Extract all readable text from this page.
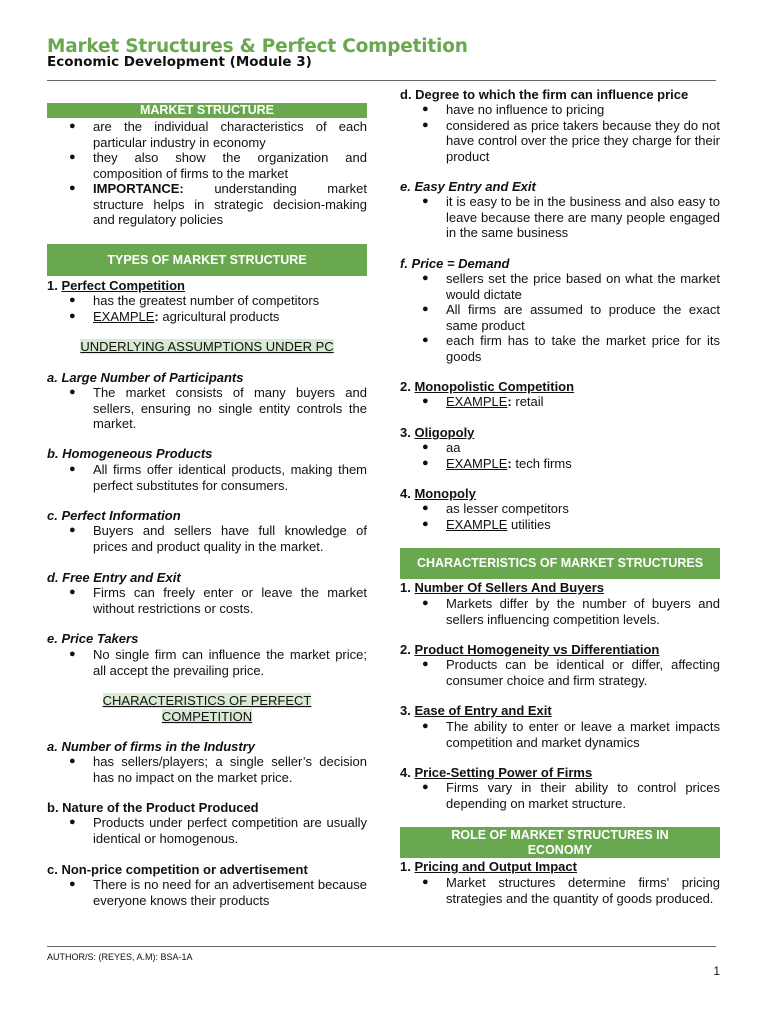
Market Structures & Perfect Competition
Economic Development (Module 3)
MARKET STRUCTURE
● are the individual characteristics of each particular industry in economy
● they also show the organization and composition of firms to the market
● IMPORTANCE: understanding market structure helps in strategic decision-making and regulatory policies
TYPES OF MARKET STRUCTURE
1. Perfect Competition
● has the greatest number of competitors
● EXAMPLE: agricultural products
UNDERLYING ASSUMPTIONS UNDER PC
a. Large Number of Participants
● The market consists of many buyers and sellers, ensuring no single entity controls the market.
b. Homogeneous Products
● All firms offer identical products, making them perfect substitutes for consumers.
c. Perfect Information
● Buyers and sellers have full knowledge of prices and product quality in the market.
d. Free Entry and Exit
● Firms can freely enter or leave the market without restrictions or costs.
e. Price Takers
● No single firm can influence the market price; all accept the prevailing price.
CHARACTERISTICS OF PERFECT COMPETITION
a. Number of firms in the Industry
● has sellers/players; a single seller’s decision has no impact on the market price.
b. Nature of the Product Produced
● Products under perfect competition are usually identical or homogenous.
c. Non-price competition or advertisement
● There is no need for an advertisement because everyone knows their products
d. Degree to which the firm can influence price
● have no influence to pricing
● considered as price takers because they do not have control over the price they charge for their product
e. Easy Entry and Exit
● it is easy to be in the business and also easy to leave because there are many people engaged in the same business
f. Price = Demand
● sellers set the price based on what the market would dictate
● All firms are assumed to produce the exact same product
● each firm has to take the market price for its goods
2. Monopolistic Competition
● EXAMPLE: retail
3. Oligopoly
● aa
● EXAMPLE: tech firms
4. Monopoly
● as lesser competitors
● EXAMPLE utilities
CHARACTERISTICS OF MARKET STRUCTURES
1. Number Of Sellers And Buyers
● Markets differ by the number of buyers and sellers influencing competition levels.
2. Product Homogeneity vs Differentiation
● Products can be identical or differ, affecting consumer choice and firm strategy.
3. Ease of Entry and Exit
● The ability to enter or leave a market impacts competition and market dynamics
4. Price-Setting Power of Firms
● Firms vary in their ability to control prices depending on market structure.
ROLE OF MARKET STRUCTURES IN ECONOMY
1. Pricing and Output Impact
● Market structures determine firms' pricing strategies and the quantity of goods produced.
AUTHOR/S: (REYES, A.M): BSA-1A
1
